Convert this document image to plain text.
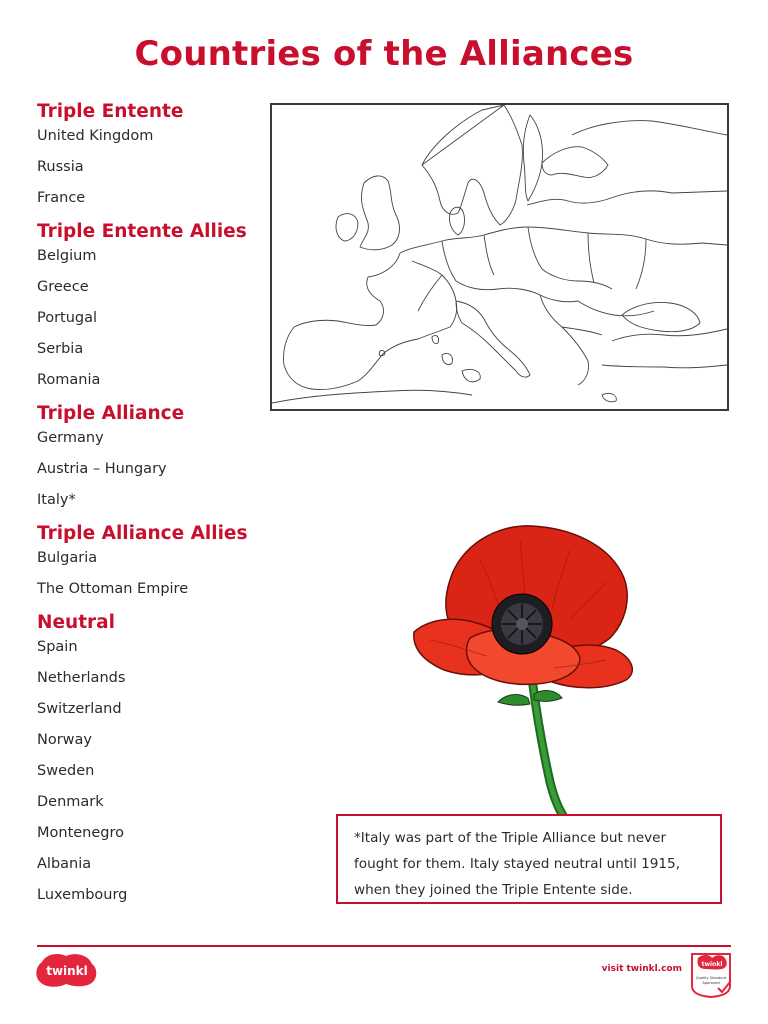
Countries of the Alliances
Triple Entente
United Kingdom
Russia
France
Triple Entente Allies
Belgium
Greece
Portugal
Serbia
Romania
Triple Alliance
Germany
Austria – Hungary
Italy*
Triple Alliance Allies
Bulgaria
The Ottoman Empire
Neutral
Spain
Netherlands
Switzerland
Norway
Sweden
Denmark
Montenegro
Albania
Luxembourg
*Italy was part of the Triple Alliance but never
fought for them. Italy stayed neutral until 1915,
when they joined the Triple Entente side.
twinkl	visit twinkl.com	twinkl
Quality Standard
Approved
